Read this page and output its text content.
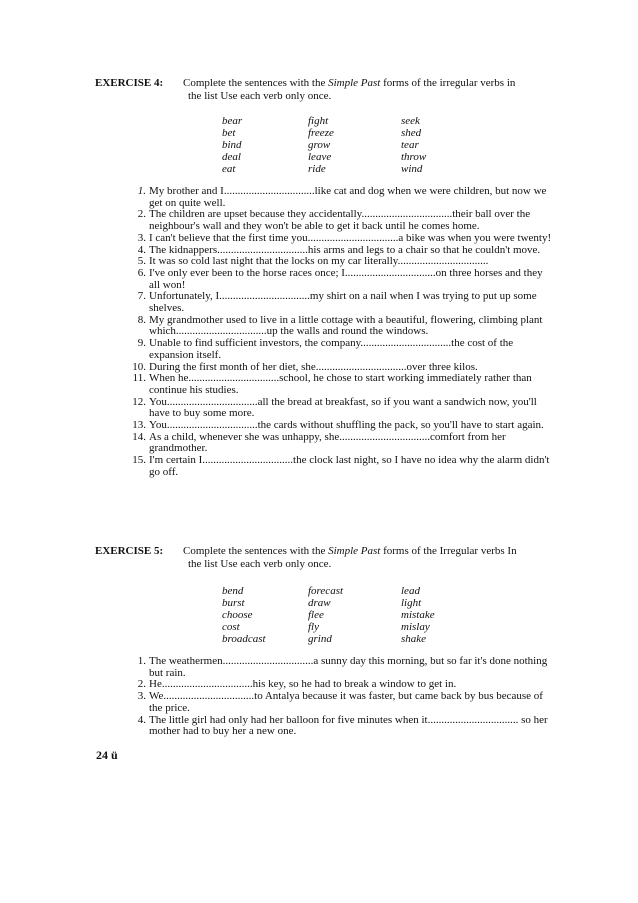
EXERCISE 4: Complete the sentences with the Simple Past forms of the irregular verbs in
the list Use each verb only once.
bear	fight	seek
bet	freeze	shed
bind	grow	tear
deal	leave	throw
eat	ride	wind
1. My brother and I.................................like cat and dog when we were children, but now we get on quite well.
2. The children are upset because they accidentally.................................their ball over the neighbour's wall and they won't be able to get it back until he comes home.
3. I can't believe that the first time you.................................a bike was when you were twenty!
4. The kidnappers.................................his arms and legs to a chair so that he couldn't move.
5. It was so cold last night that the locks on my car literally.................................
6. I've only ever been to the horse races once; I.................................on three horses and they all won!
7. Unfortunately, I.................................my shirt on a nail when I was trying to put up some shelves.
8. My grandmother used to live in a little cottage with a beautiful, flowering, climbing plant which.................................up the walls and round the windows.
9. Unable to find sufficient investors, the company.................................the cost of the expansion itself.
10. During the first month of her diet, she.................................over three kilos.
11. When he.................................school, he chose to start working immediately rather than continue his studies.
12. You.................................all the bread at breakfast, so if you want a sandwich now, you'll have to buy some more.
13. You.................................the cards without shuffling the pack, so you'll have to start again.
14. As a child, whenever she was unhappy, she.................................comfort from her grandmother.
15. I'm certain I.................................the clock last night, so I have no idea why the alarm didn't go off.
EXERCISE 5: Complete the sentences with the Simple Past forms of the Irregular verbs In
the list Use each verb only once.
bend	forecast	lead
burst	draw	light
choose	flee	mistake
cost	fly	mislay
broadcast	grind	shake
1. The weathermen.................................a sunny day this morning, but so far it's done nothing but rain.
2. He.................................his key, so he had to break a window to get in.
3. We.................................to Antalya because it was faster, but came back by bus because of the price.
4. The little girl had only had her balloon for five minutes when it................................. so her mother had to buy her a new one.
24 ü
